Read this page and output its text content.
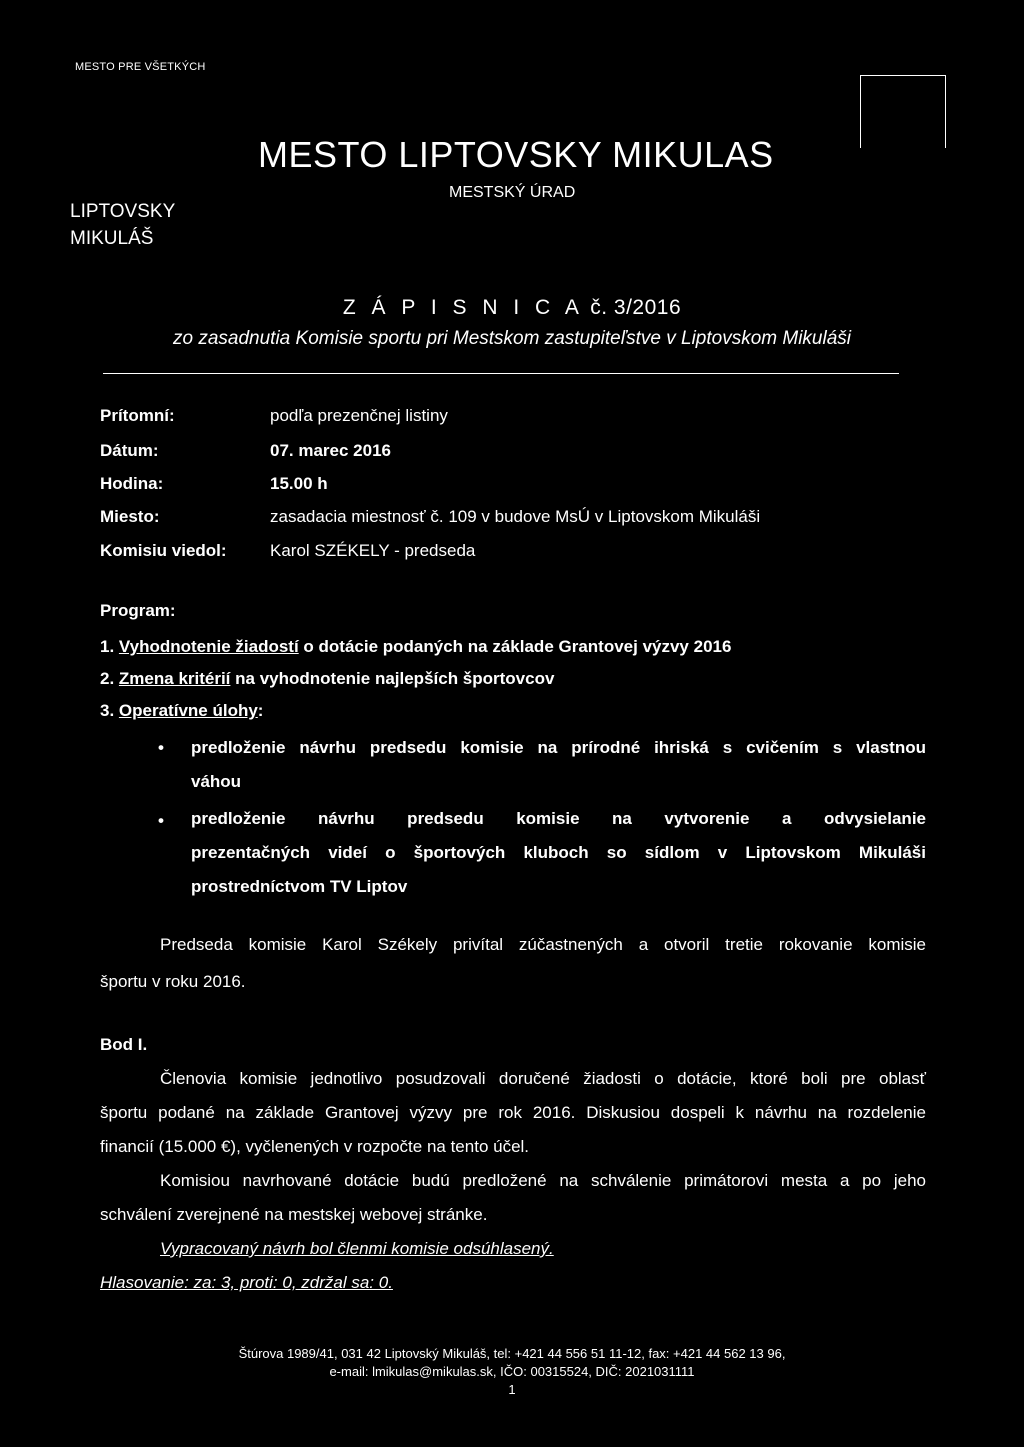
MESTO PRE VŠETKÝCH
LIPTOVSKY
MIKULÁŠ
MESTO LIPTOVSKY MIKULAS
MESTSKÝ ÚRAD
Z Á P I S N I C A č. 3/2016
zo zasadnutia Komisie sportu pri Mestskom zastupiteľstve v Liptovskom Mikuláši
Prítomní:	podľa prezenčnej listiny
Dátum:	07. marec 2016
Hodina:	15.00 h
Miesto:	zasadacia miestnosť č. 109 v budove MsÚ v Liptovskom Mikuláši
Komisiu viedol:	Karol SZÉKELY - predseda
Program:
1. Vyhodnotenie žiadostí o dotácie podaných na základe Grantovej výzvy 2016
2. Zmena kritérií na vyhodnotenie najlepších športovcov
3. Operatívne úlohy:
• predloženie návrhu predsedu komisie na prírodné ihriská s cvičením s vlastnou
váhou
• predloženie návrhu predsedu komisie na vytvorenie a odvysielanie
prezentačných videí o športových kluboch so sídlom v Liptovskom Mikuláši
prostredníctvom TV Liptov
Predseda komisie Karol Székely privítal zúčastnených a otvoril tretie rokovanie komisie
športu v roku 2016.
Bod I.
Členovia komisie jednotlivo posudzovali doručené žiadosti o dotácie, ktoré boli pre oblasť
športu podané na základe Grantovej výzvy pre rok 2016. Diskusiou dospeli k návrhu na rozdelenie
financií (15.000 €), vyčlenených v rozpočte na tento účel.
Komisiou navrhované dotácie budú predložené na schválenie primátorovi mesta a po jeho
schválení zverejnené na mestskej webovej stránke.
Vypracovaný návrh bol členmi komisie odsúhlasený.
Hlasovanie: za: 3, proti: 0, zdržal sa: 0.
Štúrova 1989/41, 031 42 Liptovský Mikuláš, tel: +421 44 556 51 11-12, fax: +421 44 562 13 96,
e-mail: lmikulas@mikulas.sk, IČO: 00315524, DIČ: 2021031111
1
